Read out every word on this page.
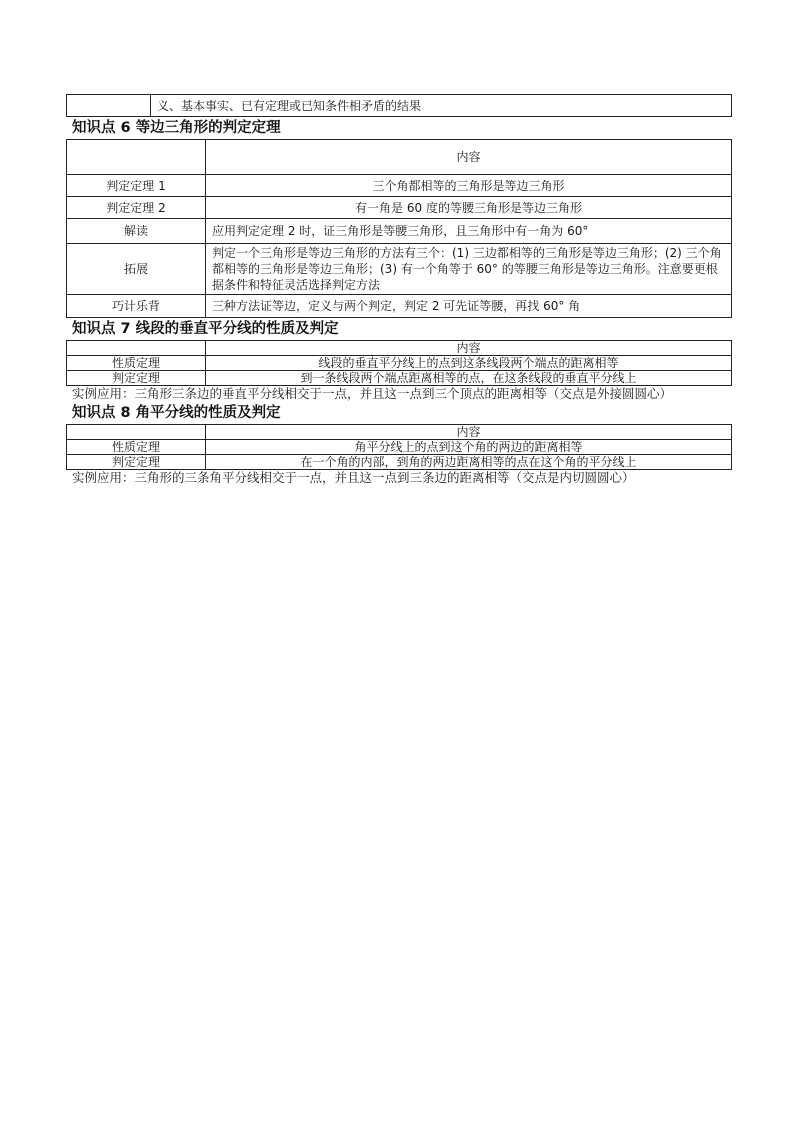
	义、基本事实、已有定理或已知条件相矛盾的结果
知识点 6 等边三角形的判定定理
	内容
判定定理 1	三个角都相等的三角形是等边三角形
判定定理 2	有一角是 60 度的等腰三角形是等边三角形
解读	应用判定定理 2 时，证三角形是等腰三角形，且三角形中有一角为 60°
拓展	判定一个三角形是等边三角形的方法有三个：(1) 三边都相等的三角形是等边三角形；(2) 三个角都相等的三角形是等边三角形；(3) 有一个角等于 60° 的等腰三角形是等边三角形。注意要更根据条件和特征灵活选择判定方法
巧计乐背	三种方法证等边，定义与两个判定，判定 2 可先证等腰，再找 60° 角
知识点 7 线段的垂直平分线的性质及判定
	内容
性质定理	线段的垂直平分线上的点到这条线段两个端点的距离相等
判定定理	到一条线段两个端点距离相等的点，在这条线段的垂直平分线上

实例应用：三角形三条边的垂直平分线相交于一点，并且这一点到三个顶点的距离相等（交点是外接圆圆心）

知识点 8 角平分线的性质及判定
	内容
性质定理	角平分线上的点到这个角的两边的距离相等
判定定理	在一个角的内部，到角的两边距离相等的点在这个角的平分线上

实例应用：三角形的三条角平分线相交于一点，并且这一点到三条边的距离相等（交点是内切圆圆心）
